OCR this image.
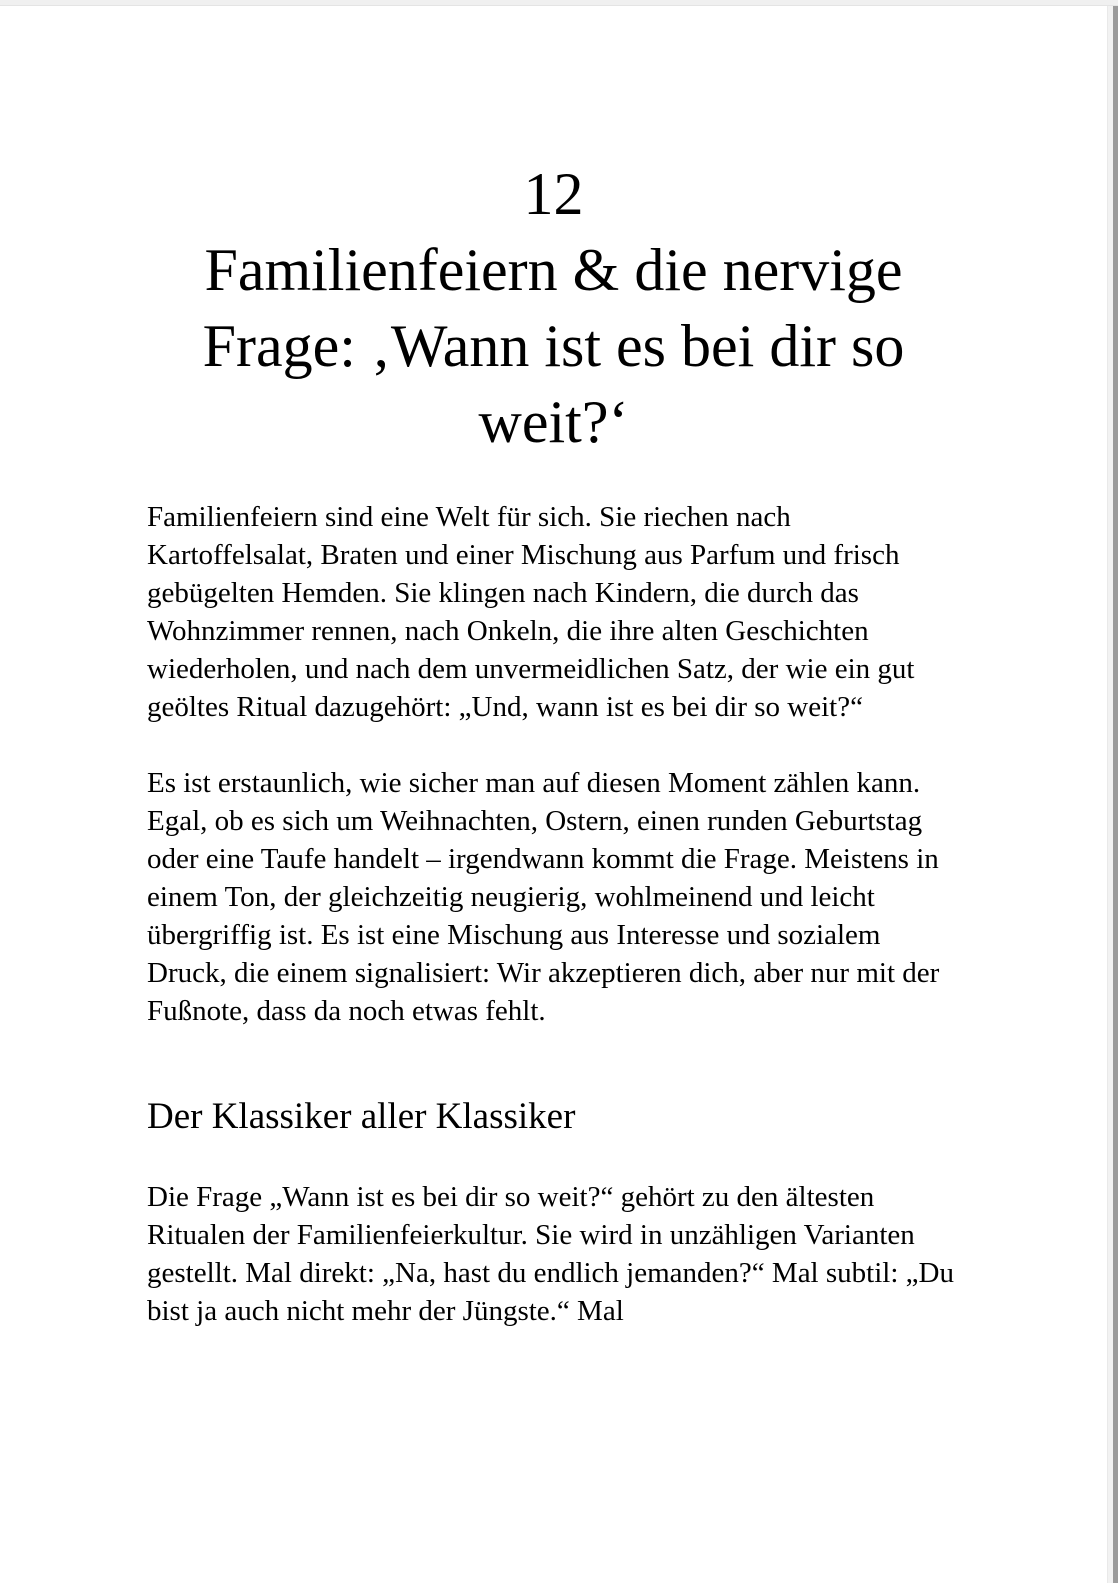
12
Familienfeiern & die nervige
Frage: ‚Wann ist es bei dir so
weit?‘

Familienfeiern sind eine Welt für sich. Sie riechen nach Kartoffelsalat, Braten und einer Mischung aus Parfum und frisch gebügelten Hemden. Sie klingen nach Kindern, die durch das Wohnzimmer rennen, nach Onkeln, die ihre alten Geschichten wiederholen, und nach dem unvermeidlichen Satz, der wie ein gut geöltes Ritual dazugehört: „Und, wann ist es bei dir so weit?“

Es ist erstaunlich, wie sicher man auf diesen Moment zählen kann. Egal, ob es sich um Weihnachten, Ostern, einen runden Geburtstag oder eine Taufe handelt – irgendwann kommt die Frage. Meistens in einem Ton, der gleichzeitig neugierig, wohlmeinend und leicht übergriffig ist. Es ist eine Mischung aus Interesse und sozialem Druck, die einem signalisiert: Wir akzeptieren dich, aber nur mit der Fußnote, dass da noch etwas fehlt.

Der Klassiker aller Klassiker

Die Frage „Wann ist es bei dir so weit?“ gehört zu den ältesten Ritualen der Familienfeierkultur. Sie wird in unzähligen Varianten gestellt. Mal direkt: „Na, hast du endlich jemanden?“ Mal subtil: „Du bist ja auch nicht mehr der Jüngste.“ Mal
